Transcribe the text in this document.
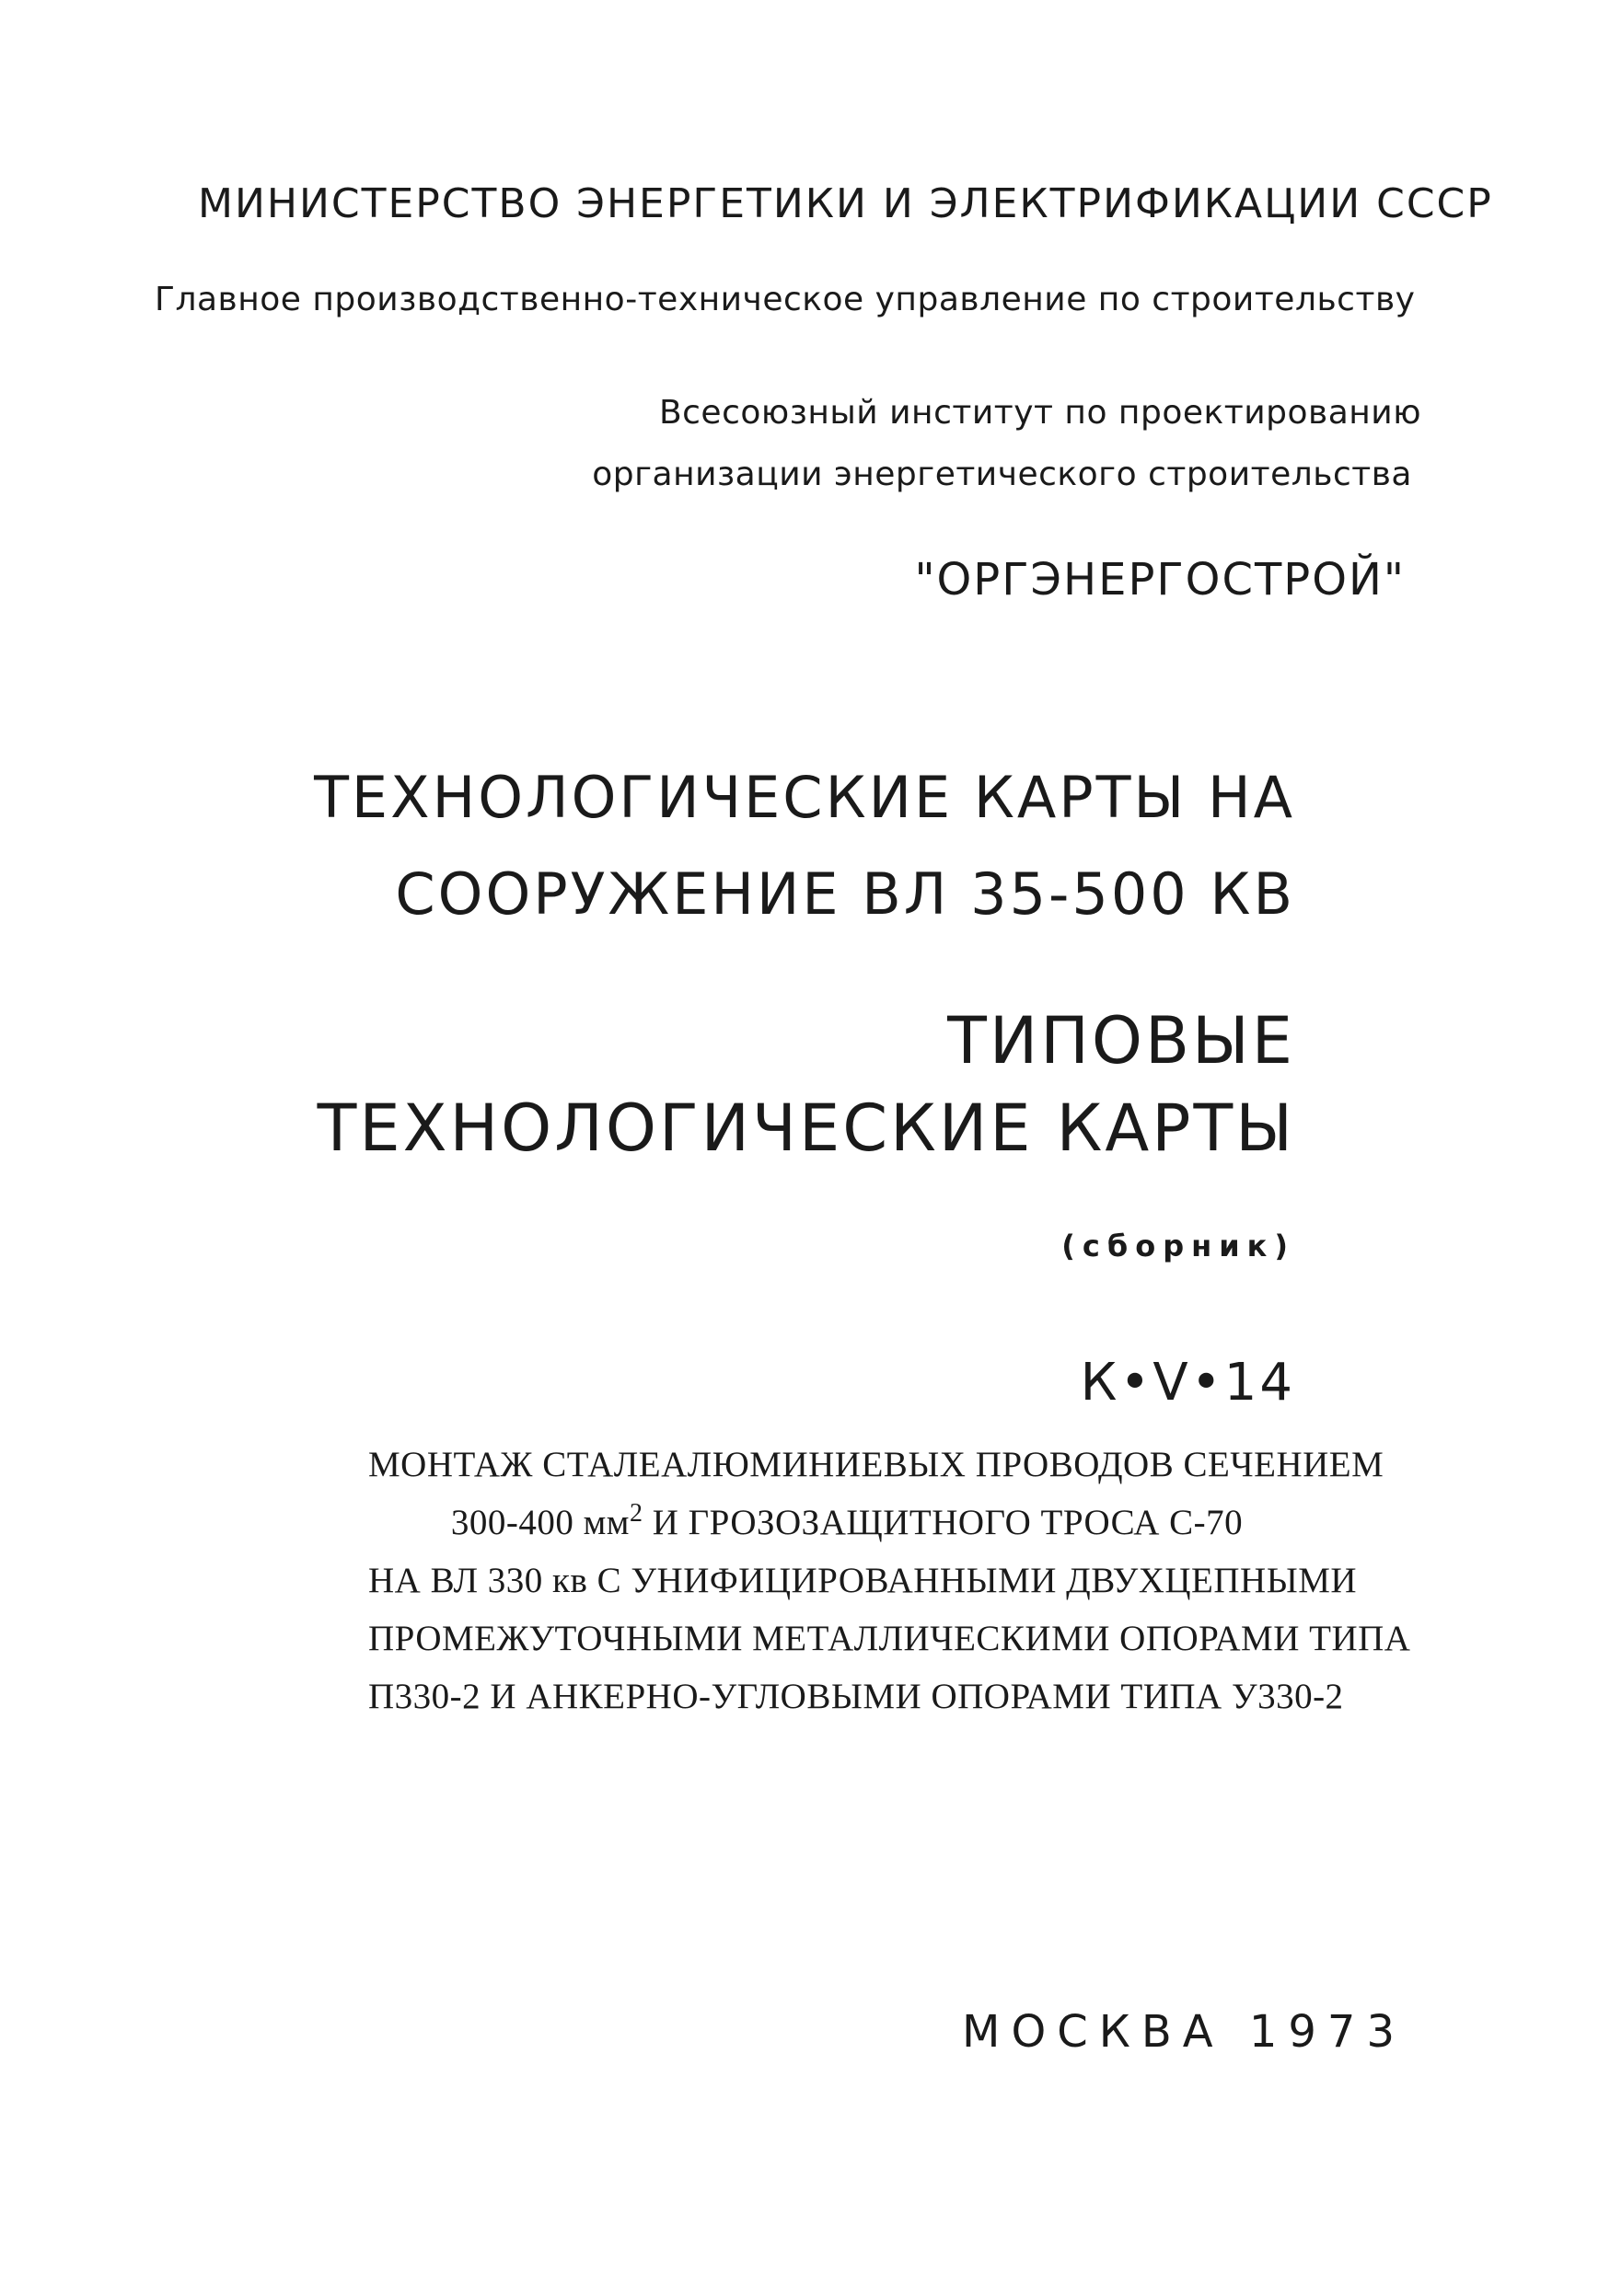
МИНИСТЕРСТВО ЭНЕРГЕТИКИ И ЭЛЕКТРИФИКАЦИИ СССР

Главное производственно-техническое управление по строительству

Всесоюзный институт по проектированию

организации энергетического строительства

"ОРГЭНЕРГОСТРОЙ"

ТЕХНОЛОГИЧЕСКИЕ КАРТЫ НА

СООРУЖЕНИЕ ВЛ 35-500 КВ

ТИПОВЫЕ

ТЕХНОЛОГИЧЕСКИЕ КАРТЫ

(сборник)

К•V•14

МОНТАЖ СТАЛЕАЛЮМИНИЕВЫХ ПРОВОДОВ СЕЧЕНИЕМ
300-400 $мм^2$ И ГРОЗОЗАЩИТНОГО ТРОСА С-70
НА ВЛ 330 кв С УНИФИЦИРОВАННЫМИ ДВУХЦЕПНЫМИ
ПРОМЕЖУТОЧНЫМИ МЕТАЛЛИЧЕСКИМИ ОПОРАМИ ТИПА
П330-2 И АНКЕРНО-УГЛОВЫМИ ОПОРАМИ ТИПА У330-2

МОСКВА 1973
